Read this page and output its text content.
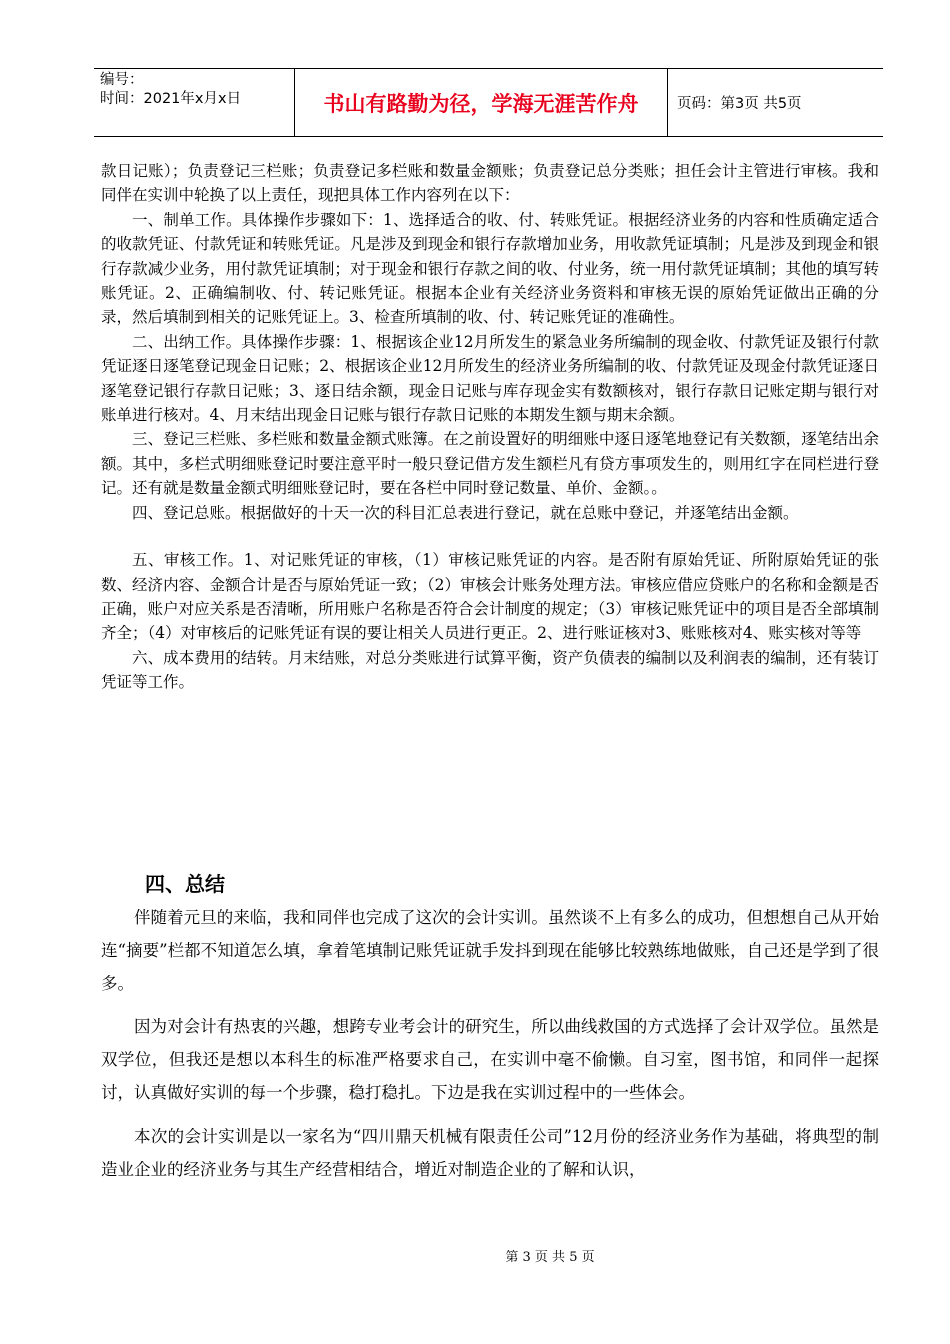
编号：
时间：2021年x月x日	书山有路勤为径，学海无涯苦作舟	页码：第3页 共5页

款日记账）；负责登记三栏账；负责登记多栏账和数量金额账；负责登记总分类账；担任会计主管进行审核。我和同伴在实训中轮换了以上责任，现把具体工作内容列在以下：

一、制单工作。具体操作步骤如下：1、选择适合的收、付、转账凭证。根据经济业务的内容和性质确定适合的收款凭证、付款凭证和转账凭证。凡是涉及到现金和银行存款增加业务，用收款凭证填制；凡是涉及到现金和银行存款减少业务，用付款凭证填制；对于现金和银行存款之间的收、付业务，统一用付款凭证填制；其他的填写转账凭证。2、正确编制收、付、转记账凭证。根据本企业有关经济业务资料和审核无误的原始凭证做出正确的分录，然后填制到相关的记账凭证上。3、检查所填制的收、付、转记账凭证的准确性。

二、出纳工作。具体操作步骤：1、根据该企业12月所发生的紧急业务所编制的现金收、付款凭证及银行付款凭证逐日逐笔登记现金日记账；2、根据该企业12月所发生的经济业务所编制的收、付款凭证及现金付款凭证逐日逐笔登记银行存款日记账；3、逐日结余额，现金日记账与库存现金实有数额核对，银行存款日记账定期与银行对账单进行核对。4、月末结出现金日记账与银行存款日记账的本期发生额与期末余额。

三、登记三栏账、多栏账和数量金额式账簿。在之前设置好的明细账中逐日逐笔地登记有关数额，逐笔结出余额。其中，多栏式明细账登记时要注意平时一般只登记借方发生额栏凡有贷方事项发生的，则用红字在同栏进行登记。还有就是数量金额式明细账登记时，要在各栏中同时登记数量、单价、金额。。

四、登记总账。根据做好的十天一次的科目汇总表进行登记，就在总账中登记，并逐笔结出金额。

五、审核工作。1、对记账凭证的审核，（1）审核记账凭证的内容。是否附有原始凭证、所附原始凭证的张数、经济内容、金额合计是否与原始凭证一致；（2）审核会计账务处理方法。审核应借应贷账户的名称和金额是否正确，账户对应关系是否清晰，所用账户名称是否符合会计制度的规定；（3）审核记账凭证中的项目是否全部填制齐全；（4）对审核后的记账凭证有误的要让相关人员进行更正。2、进行账证核对3、账账核对4、账实核对等等

六、成本费用的结转。月末结账，对总分类账进行试算平衡，资产负债表的编制以及利润表的编制，还有装订凭证等工作。

四、总结

伴随着元旦的来临，我和同伴也完成了这次的会计实训。虽然谈不上有多么的成功，但想想自己从开始连“摘要”栏都不知道怎么填，拿着笔填制记账凭证就手发抖到现在能够比较熟练地做账，自己还是学到了很多。

因为对会计有热衷的兴趣，想跨专业考会计的研究生，所以曲线救国的方式选择了会计双学位。虽然是双学位，但我还是想以本科生的标准严格要求自己，在实训中毫不偷懒。自习室，图书馆，和同伴一起探讨，认真做好实训的每一个步骤，稳打稳扎。下边是我在实训过程中的一些体会。

本次的会计实训是以一家名为“四川鼎天机械有限责任公司”12月份的经济业务作为基础，将典型的制造业企业的经济业务与其生产经营相结合，增近对制造企业的了解和认识，

第 3 页 共 5 页
